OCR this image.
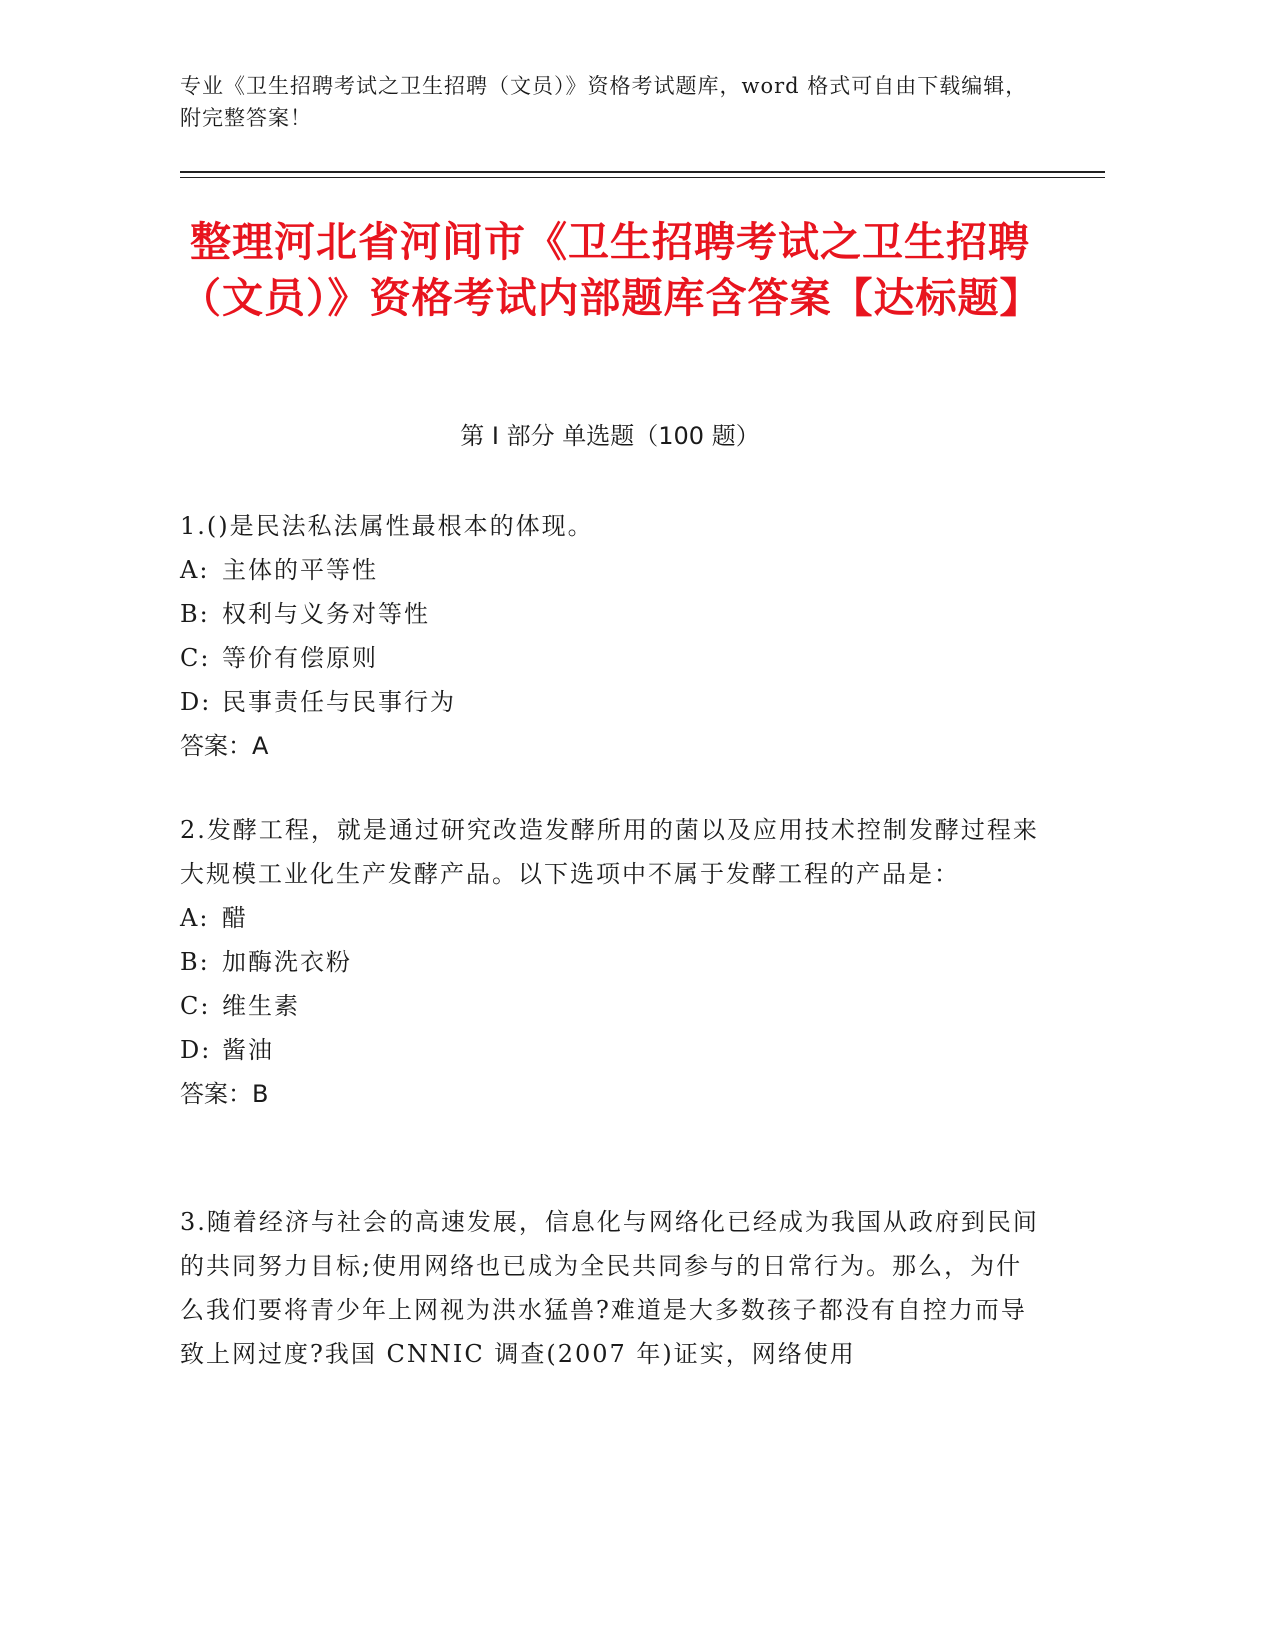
专业《卫生招聘考试之卫生招聘（文员）》资格考试题库，word 格式可自由下载编辑，附完整答案！
整理河北省河间市《卫生招聘考试之卫生招聘（文员）》资格考试内部题库含答案【达标题】
第 I 部分 单选题（100 题）

1.()是民法私法属性最根本的体现。

A: 主体的平等性

B: 权利与义务对等性

C: 等价有偿原则

D: 民事责任与民事行为

答案：A

2.发酵工程，就是通过研究改造发酵所用的菌以及应用技术控制发酵过程来大规模工业化生产发酵产品。以下选项中不属于发酵工程的产品是：

A: 醋

B: 加酶洗衣粉

C: 维生素

D: 酱油

答案：B

3.随着经济与社会的高速发展，信息化与网络化已经成为我国从政府到民间的共同努力目标;使用网络也已成为全民共同参与的日常行为。那么，为什么我们要将青少年上网视为洪水猛兽?难道是大多数孩子都没有自控力而导致上网过度?我国 CNNIC 调查(2007 年)证实，网络使用
